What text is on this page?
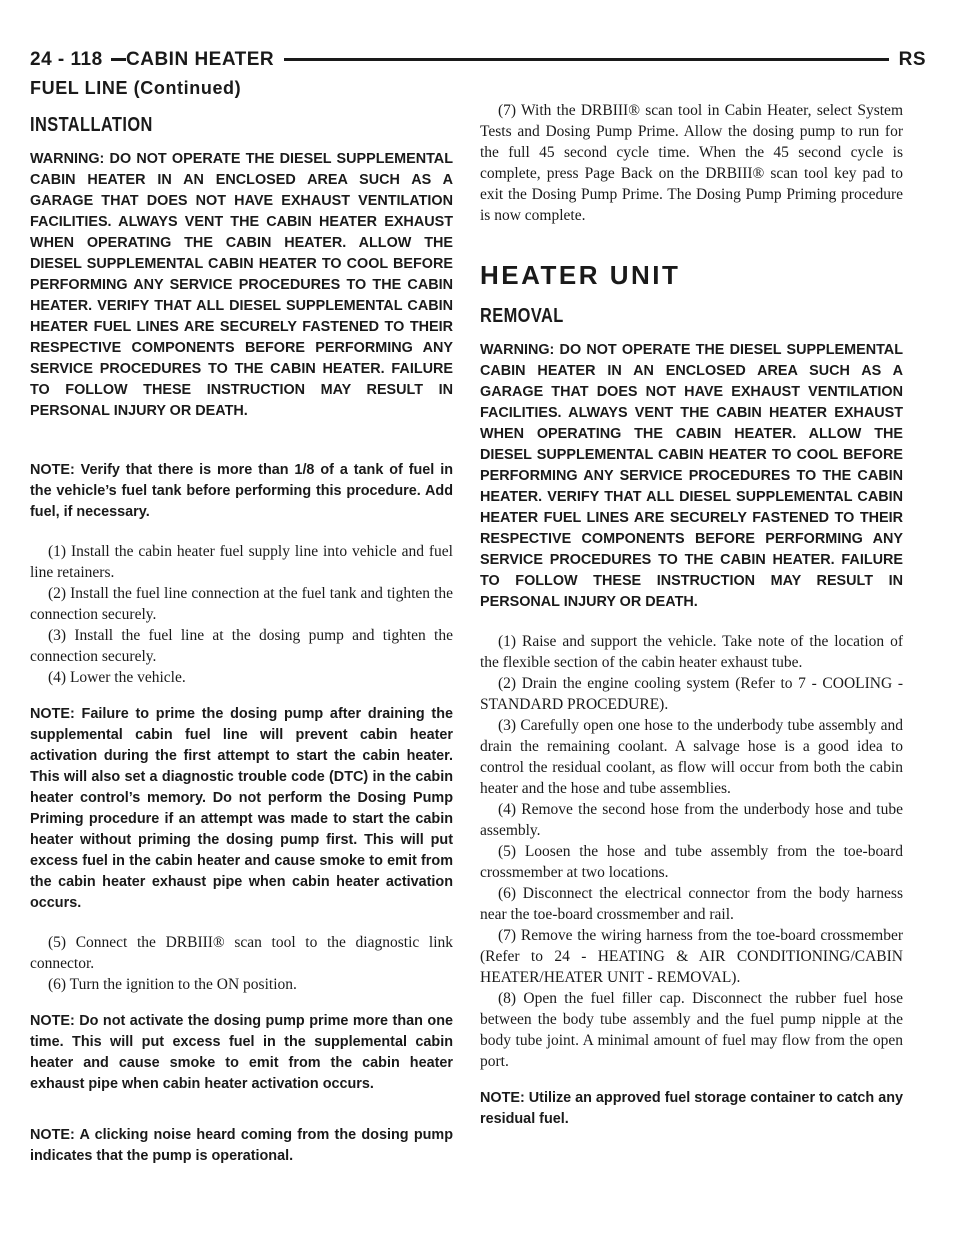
24 - 118	CABIN HEATER	RS
FUEL LINE (Continued)
INSTALLATION

WARNING: DO NOT OPERATE THE DIESEL SUPPLEMENTAL CABIN HEATER IN AN ENCLOSED AREA SUCH AS A GARAGE THAT DOES NOT HAVE EXHAUST VENTILATION FACILITIES. ALWAYS VENT THE CABIN HEATER EXHAUST WHEN OPERATING THE CABIN HEATER. ALLOW THE DIESEL SUPPLEMENTAL CABIN HEATER TO COOL BEFORE PERFORMING ANY SERVICE PROCEDURES TO THE CABIN HEATER. VERIFY THAT ALL DIESEL SUPPLEMENTAL CABIN HEATER FUEL LINES ARE SECURELY FASTENED TO THEIR RESPECTIVE COMPONENTS BEFORE PERFORMING ANY SERVICE PROCEDURES TO THE CABIN HEATER. FAILURE TO FOLLOW THESE INSTRUCTION MAY RESULT IN PERSONAL INJURY OR DEATH.

NOTE: Verify that there is more than 1/8 of a tank of fuel in the vehicle’s fuel tank before performing this procedure. Add fuel, if necessary.

(1) Install the cabin heater fuel supply line into vehicle and fuel line retainers.

(2) Install the fuel line connection at the fuel tank and tighten the connection securely.

(3) Install the fuel line at the dosing pump and tighten the connection securely.

(4) Lower the vehicle.

NOTE: Failure to prime the dosing pump after draining the supplemental cabin fuel line will prevent cabin heater activation during the first attempt to start the cabin heater. This will also set a diagnostic trouble code (DTC) in the cabin heater control’s memory. Do not perform the Dosing Pump Priming procedure if an attempt was made to start the cabin heater without priming the dosing pump first. This will put excess fuel in the cabin heater and cause smoke to emit from the cabin heater exhaust pipe when cabin heater activation occurs.

(5) Connect the DRBIII® scan tool to the diagnostic link connector.

(6) Turn the ignition to the ON position.

NOTE: Do not activate the dosing pump prime more than one time. This will put excess fuel in the supplemental cabin heater and cause smoke to emit from the cabin heater exhaust pipe when cabin heater activation occurs.

NOTE: A clicking noise heard coming from the dosing pump indicates that the pump is operational.

(7) With the DRBIII® scan tool in Cabin Heater, select System Tests and Dosing Pump Prime. Allow the dosing pump to run for the full 45 second cycle time. When the 45 second cycle is complete, press Page Back on the DRBIII® scan tool key pad to exit the Dosing Pump Prime. The Dosing Pump Priming procedure is now complete.

HEATER UNIT
REMOVAL

WARNING: DO NOT OPERATE THE DIESEL SUPPLEMENTAL CABIN HEATER IN AN ENCLOSED AREA SUCH AS A GARAGE THAT DOES NOT HAVE EXHAUST VENTILATION FACILITIES. ALWAYS VENT THE CABIN HEATER EXHAUST WHEN OPERATING THE CABIN HEATER. ALLOW THE DIESEL SUPPLEMENTAL CABIN HEATER TO COOL BEFORE PERFORMING ANY SERVICE PROCEDURES TO THE CABIN HEATER. VERIFY THAT ALL DIESEL SUPPLEMENTAL CABIN HEATER FUEL LINES ARE SECURELY FASTENED TO THEIR RESPECTIVE COMPONENTS BEFORE PERFORMING ANY SERVICE PROCEDURES TO THE CABIN HEATER. FAILURE TO FOLLOW THESE INSTRUCTION MAY RESULT IN PERSONAL INJURY OR DEATH.

(1) Raise and support the vehicle. Take note of the location of the flexible section of the cabin heater exhaust tube.

(2) Drain the engine cooling system (Refer to 7 - COOLING - STANDARD PROCEDURE).

(3) Carefully open one hose to the underbody tube assembly and drain the remaining coolant. A salvage hose is a good idea to control the residual coolant, as flow will occur from both the cabin heater and the hose and tube assemblies.

(4) Remove the second hose from the underbody hose and tube assembly.

(5) Loosen the hose and tube assembly from the toe-board crossmember at two locations.

(6) Disconnect the electrical connector from the body harness near the toe-board crossmember and rail.

(7) Remove the wiring harness from the toe-board crossmember (Refer to 24 - HEATING & AIR CONDITIONING/CABIN HEATER/HEATER UNIT - REMOVAL).

(8) Open the fuel filler cap. Disconnect the rubber fuel hose between the body tube assembly and the fuel pump nipple at the body tube joint. A minimal amount of fuel may flow from the open port.

NOTE: Utilize an approved fuel storage container to catch any residual fuel.
